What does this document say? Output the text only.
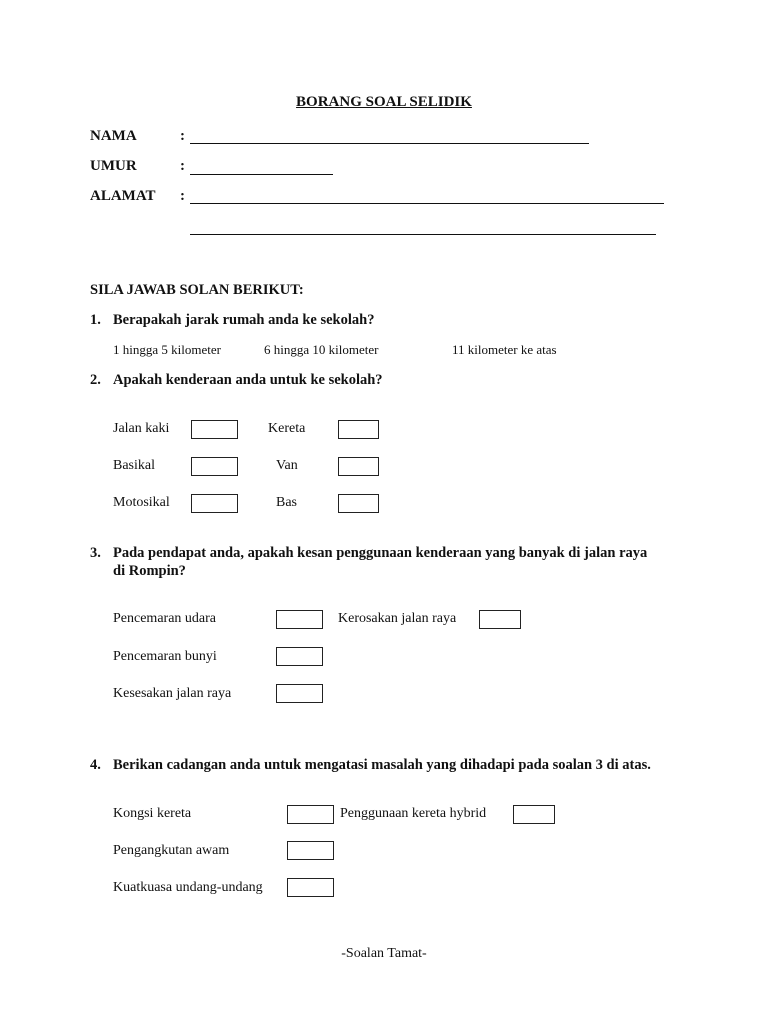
BORANG SOAL SELIDIK
NAMA	:
UMUR	:
ALAMAT :
SILA JAWAB SOLAN BERIKUT:
1. Berapakah jarak rumah anda ke sekolah?
1 hingga 5 kilometer	6 hingga 10 kilometer	11 kilometer ke atas
2. Apakah kenderaan anda untuk ke sekolah?
Jalan kaki	Kereta
Basikal	Van
Motosikal	Bas
3. Pada pendapat anda, apakah kesan penggunaan kenderaan yang banyak di jalan raya
di Rompin?
Pencemaran udara	Kerosakan jalan raya
Pencemaran bunyi
Kesesakan jalan raya
4. Berikan cadangan anda untuk mengatasi masalah yang dihadapi pada soalan 3 di atas.
Kongsi kereta	Penggunaan kereta hybrid
Pengangkutan awam
Kuatkuasa undang-undang
-Soalan Tamat-
